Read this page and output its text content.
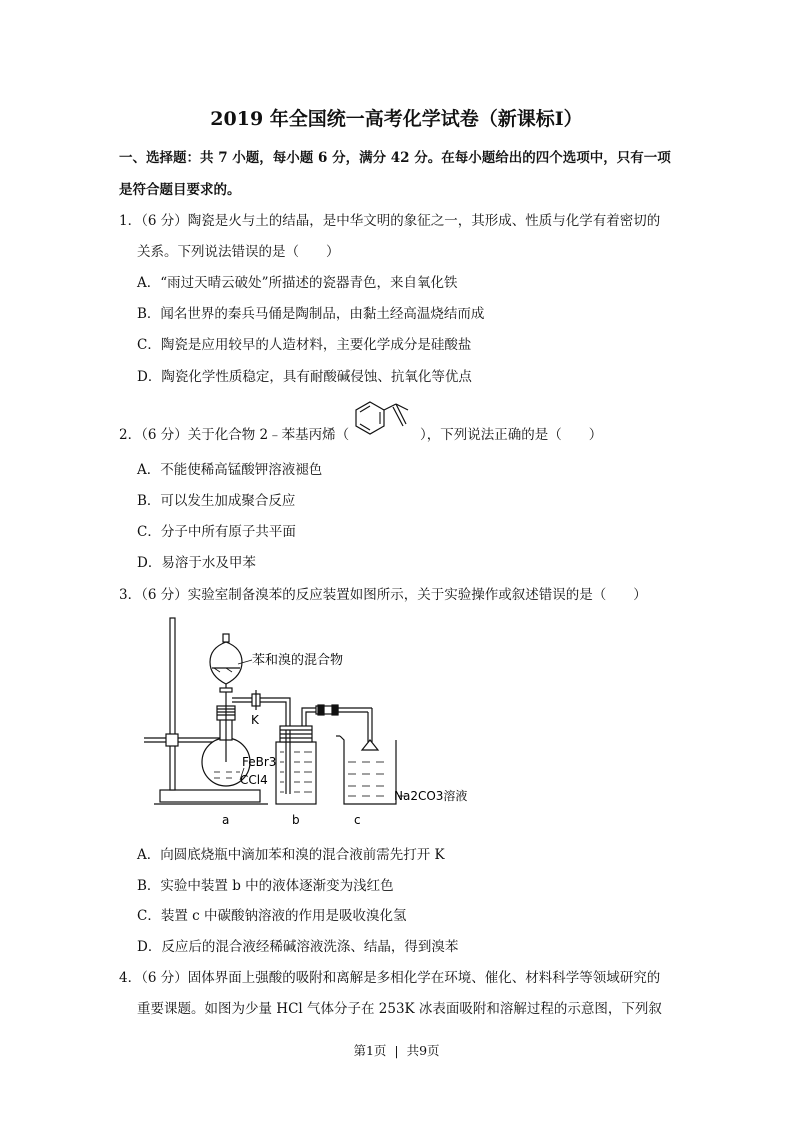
2019 年全国统一高考化学试卷（新课标Ⅰ）
一、选择题：共 7 小题，每小题 6 分，满分 42 分。在每小题给出的四个选项中，只有一项
是符合题目要求的。
1．（6 分）陶瓷是火与土的结晶，是中华文明的象征之一，其形成、性质与化学有着密切的
关系。下列说法错误的是（　　）
A．“雨过天晴云破处”所描述的瓷器青色，来自氧化铁
B．闻名世界的秦兵马俑是陶制品，由黏土经高温烧结而成
C．陶瓷是应用较早的人造材料，主要化学成分是硅酸盐
D．陶瓷化学性质稳定，具有耐酸碱侵蚀、抗氧化等优点
2．（6 分）关于化合物 2﹣苯基丙烯（	），下列说法正确的是（　　）
A．不能使稀高锰酸钾溶液褪色
B．可以发生加成聚合反应
C．分子中所有原子共平面
D．易溶于水及甲苯
3．（6 分）实验室制备溴苯的反应装置如图所示，关于实验操作或叙述错误的是（　　）
苯和溴的混合物
K
FeBr3
CCl4
Na2CO3溶液
a	b	c
A．向圆底烧瓶中滴加苯和溴的混合液前需先打开 K
B．实验中装置 b 中的液体逐渐变为浅红色
C．装置 c 中碳酸钠溶液的作用是吸收溴化氢
D．反应后的混合液经稀碱溶液洗涤、结晶，得到溴苯
4．（6 分）固体界面上强酸的吸附和离解是多相化学在环境、催化、材料科学等领域研究的
重要课题。如图为少量 HCl 气体分子在 253K 冰表面吸附和溶解过程的示意图，下列叙
第1页 | 共9页
